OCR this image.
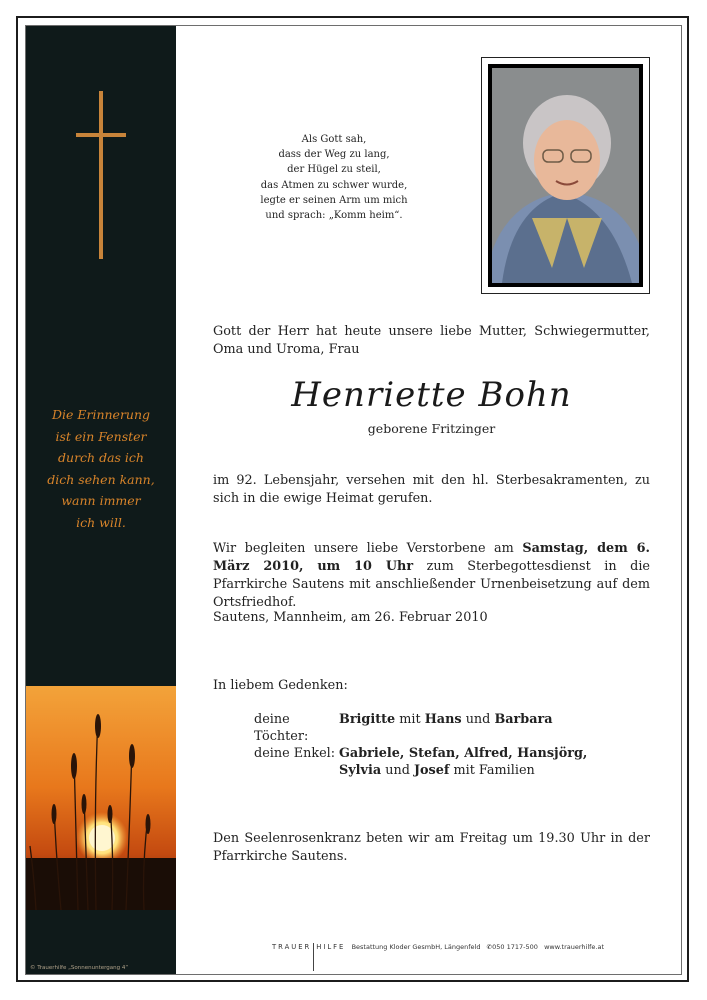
Die Erinnerung
ist ein Fenster
durch das ich
dich sehen kann,
wann immer
ich will.
© Trauerhilfe „Sonnenuntergang 4“
Als Gott sah,
dass der Weg zu lang,
der Hügel zu steil,
das Atmen zu schwer wurde,
legte er seinen Arm um mich
und sprach: „Komm heim“.
Gott der Herr hat heute unsere liebe Mutter, Schwiegermutter, Oma und Uroma, Frau
Henriette Bohn
geborene Fritzinger
im 92. Lebensjahr, versehen mit den hl. Sterbesakramenten, zu sich in die ewige Heimat gerufen.
Wir begleiten unsere liebe Verstorbene am Samstag, dem 6. März 2010, um 10 Uhr zum Sterbegottesdienst in die Pfarrkirche Sautens mit anschließender Urnenbeisetzung auf dem Ortsfriedhof.
Sautens, Mannheim, am 26. Februar 2010
In liebem Gedenken:
deine Töchter:
Brigitte mit Hans und Barbara
deine Enkel: Gabriele, Stefan, Alfred, Hansjörg,
Sylvia und Josef mit Familien
Den Seelenrosenkranz beten wir am Freitag um 19.30 Uhr in der Pfarrkirche Sautens.
TRAUER HILFE Bestattung Kloder GesmbH, Längenfeld ✆050 1717-500 www.trauerhilfe.at
